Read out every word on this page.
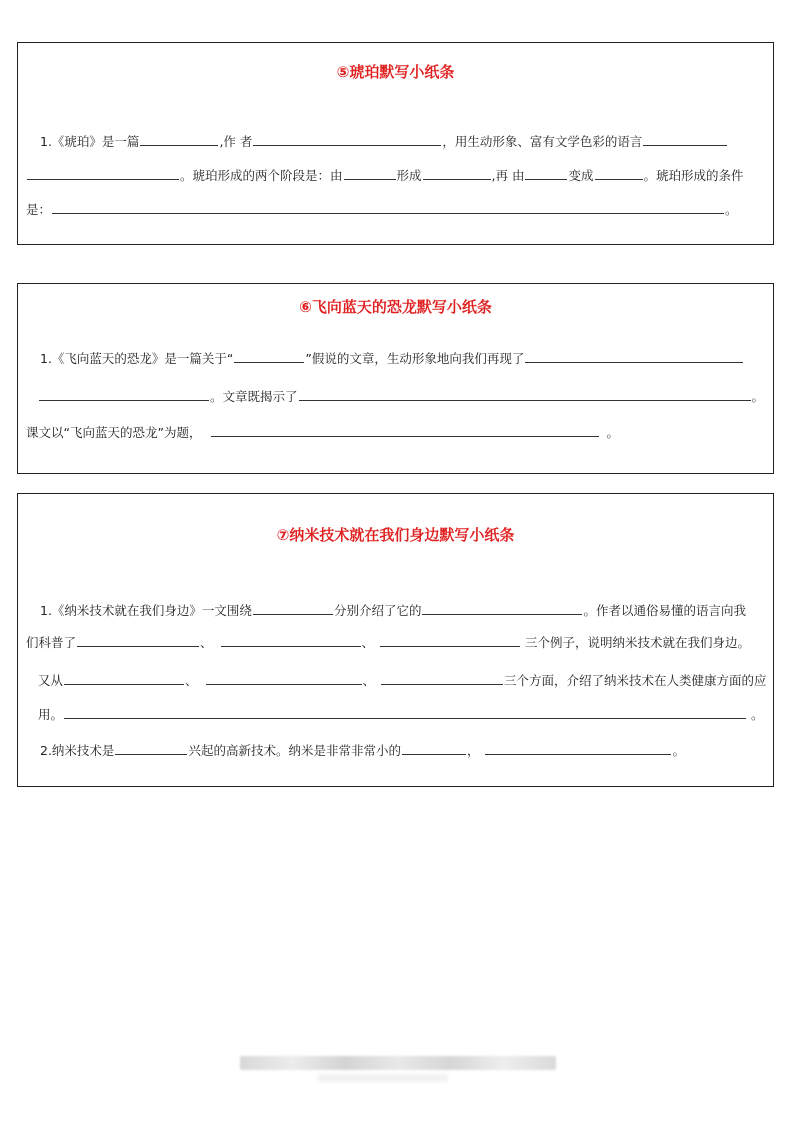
⑤琥珀默写小纸条
1.《琥珀》是一篇	,作 者	，用生动形象、富有文学色彩的语言
。琥珀形成的两个阶段是：由	形成	,再 由	变成	。琥珀形成的条件
是：	。
⑥飞向蓝天的恐龙默写小纸条
1.《飞向蓝天的恐龙》是一篇关于“	”假说的文章，生动形象地向我们再现了
。文章既揭示了	。
课文以“飞向蓝天的恐龙”为题，	。
⑦纳米技术就在我们身边默写小纸条
1.《纳米技术就在我们身边》一文围绕	分别介绍了它的	。作者以通俗易懂的语言向我
们科普了	、	、	三个例子，说明纳米技术就在我们身边。
又从	、	、	三个方面，介绍了纳米技术在人类健康方面的应
用。	。
2.纳米技术是	兴起的高新技术。纳米是非常非常小的	，	。
